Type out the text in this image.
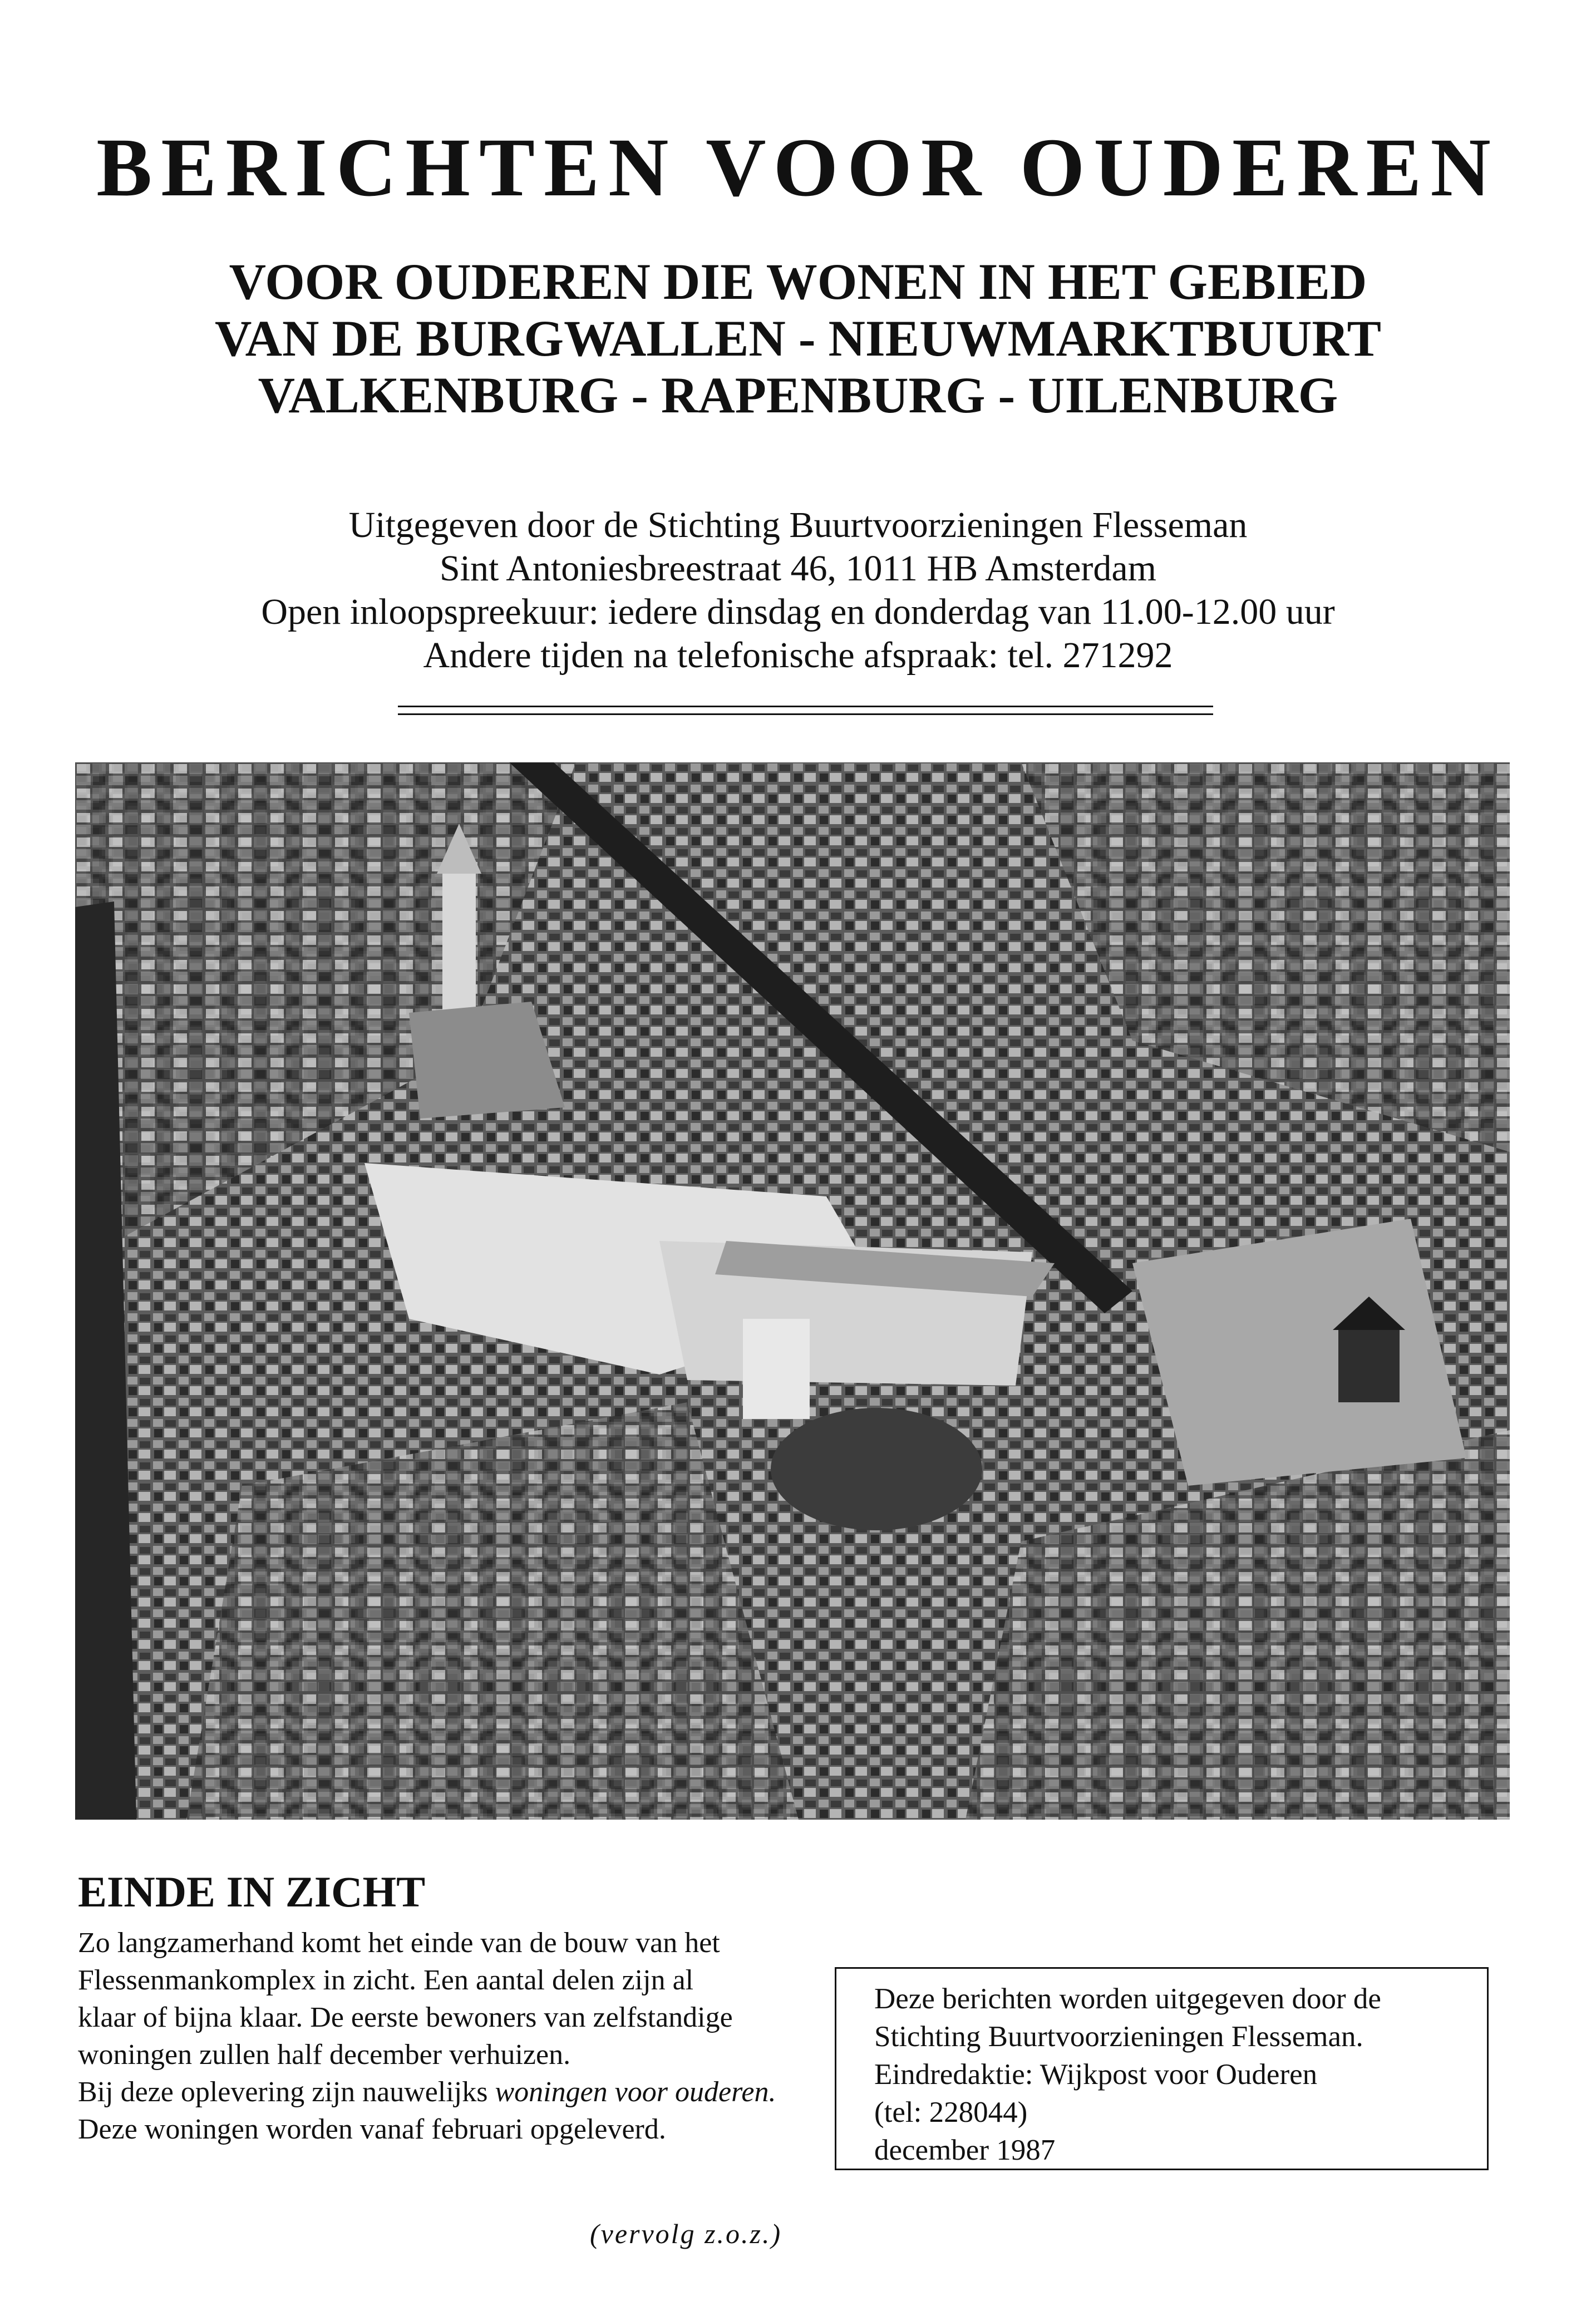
BERICHTEN VOOR OUDEREN
VOOR OUDEREN DIE WONEN IN HET GEBIED
VAN DE BURGWALLEN - NIEUWMARKTBUURT
VALKENBURG - RAPENBURG - UILENBURG
Uitgegeven door de Stichting Buurtvoorzieningen Flesseman
Sint Antoniesbreestraat 46, 1011 HB Amsterdam
Open inloopspreekuur: iedere dinsdag en donderdag van 11.00-12.00 uur
Andere tijden na telefonische afspraak: tel. 271292
EINDE IN ZICHT
Zo langzamerhand komt het einde van de bouw van het
Flessenmankomplex in zicht. Een aantal delen zijn al
klaar of bijna klaar. De eerste bewoners van zelfstandige
woningen zullen half december verhuizen.
Bij deze oplevering zijn nauwelijks woningen voor ouderen.
Deze woningen worden vanaf februari opgeleverd.
(vervolg z.o.z.)
Deze berichten worden uitgegeven door de
Stichting Buurtvoorzieningen Flesseman.
Eindredaktie: Wijkpost voor Ouderen
(tel: 228044)
december 1987
